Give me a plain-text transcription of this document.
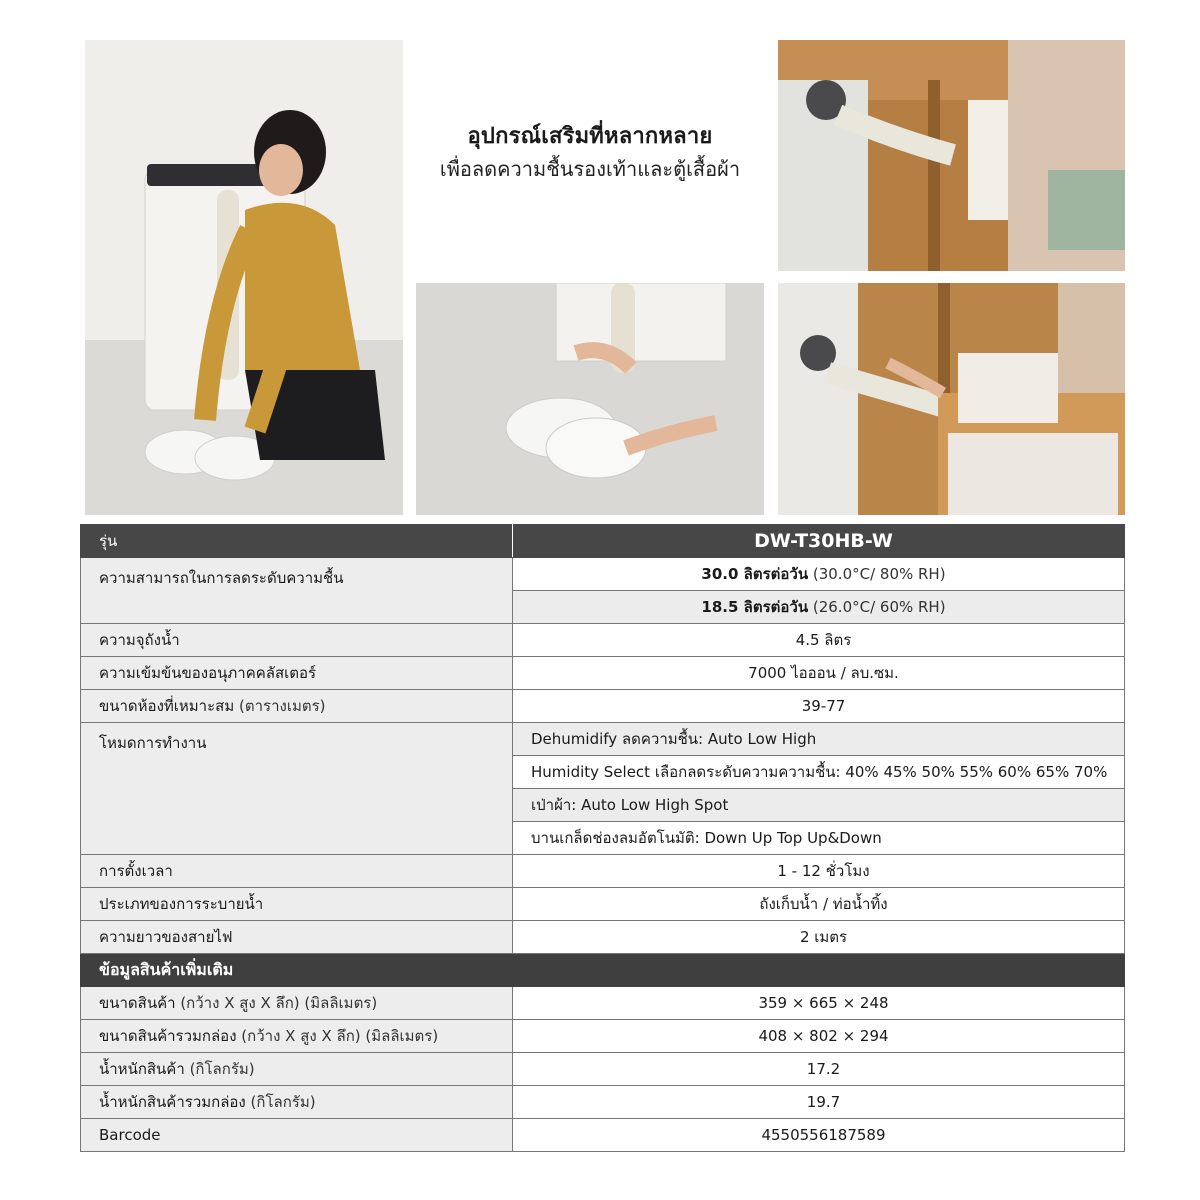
อุปกรณ์เสริมที่หลากหลาย
เพื่อลดความชื้นรองเท้าและตู้เสื้อผ้า
รุ่น	DW-T30HB-W
ความสามารถในการลดระดับความชื้น	30.0 ลิตรต่อวัน (30.0°C/ 80% RH)
	18.5 ลิตรต่อวัน (26.0°C/ 60% RH)
ความจุถังน้ำ	4.5 ลิตร
ความเข้มข้นของอนุภาคคลัสเตอร์	7000 ไอออน / ลบ.ซม.
ขนาดห้องที่เหมาะสม (ตารางเมตร)	39-77
โหมดการทำงาน	Dehumidify ลดความชื้น: Auto Low High
	Humidity Select เลือกลดระดับความความชื้น: 40% 45% 50% 55% 60% 65% 70%
	เป่าผ้า: Auto Low High Spot
	บานเกล็ดช่องลมอัตโนมัติ: Down Up Top Up&Down
การตั้งเวลา	1 - 12 ชั่วโมง
ประเภทของการระบายน้ำ	ถังเก็บน้ำ / ท่อน้ำทิ้ง
ความยาวของสายไฟ	2 เมตร
ข้อมูลสินค้าเพิ่มเติม	
ขนาดสินค้า (กว้าง X สูง X ลึก) (มิลลิเมตร)	359 × 665 × 248
ขนาดสินค้ารวมกล่อง (กว้าง X สูง X ลึก) (มิลลิเมตร)	408 × 802 × 294
น้ำหนักสินค้า (กิโลกรัม)	17.2
น้ำหนักสินค้ารวมกล่อง (กิโลกรัม)	19.7
Barcode	4550556187589
